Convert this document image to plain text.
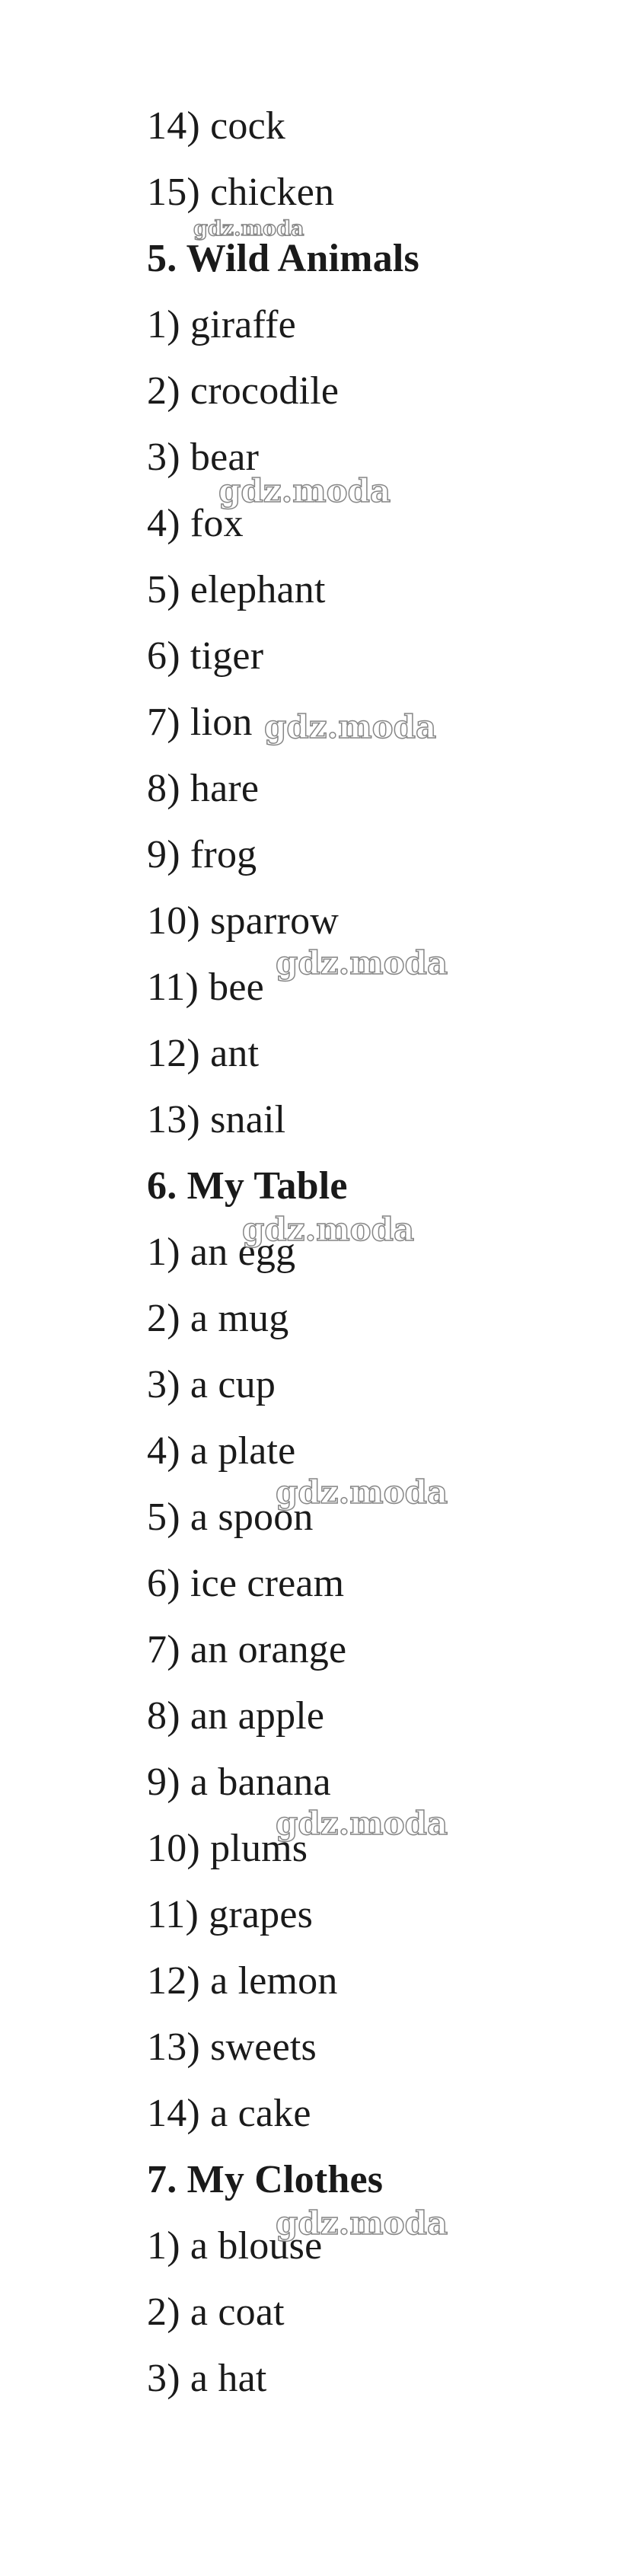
14) cock
15) chicken
5. Wild Animals
1) giraffe
2) crocodile
3) bear
4) fox
5) elephant
6) tiger
7) lion
8) hare
9) frog
10) sparrow
11) bee
12) ant
13) snail
6. My Table
1) an egg
2) a mug
3) a cup
4) a plate
5) a spoon
6) ice cream
7) an orange
8) an apple
9) a banana
10) plums
11) grapes
12) a lemon
13) sweets
14) a cake
7. My Clothes
1) a blouse
2) a coat
3) a hat
gdz.moda
gdz.moda
gdz.moda
gdz.moda
gdz.moda
gdz.moda
gdz.moda
gdz.moda
